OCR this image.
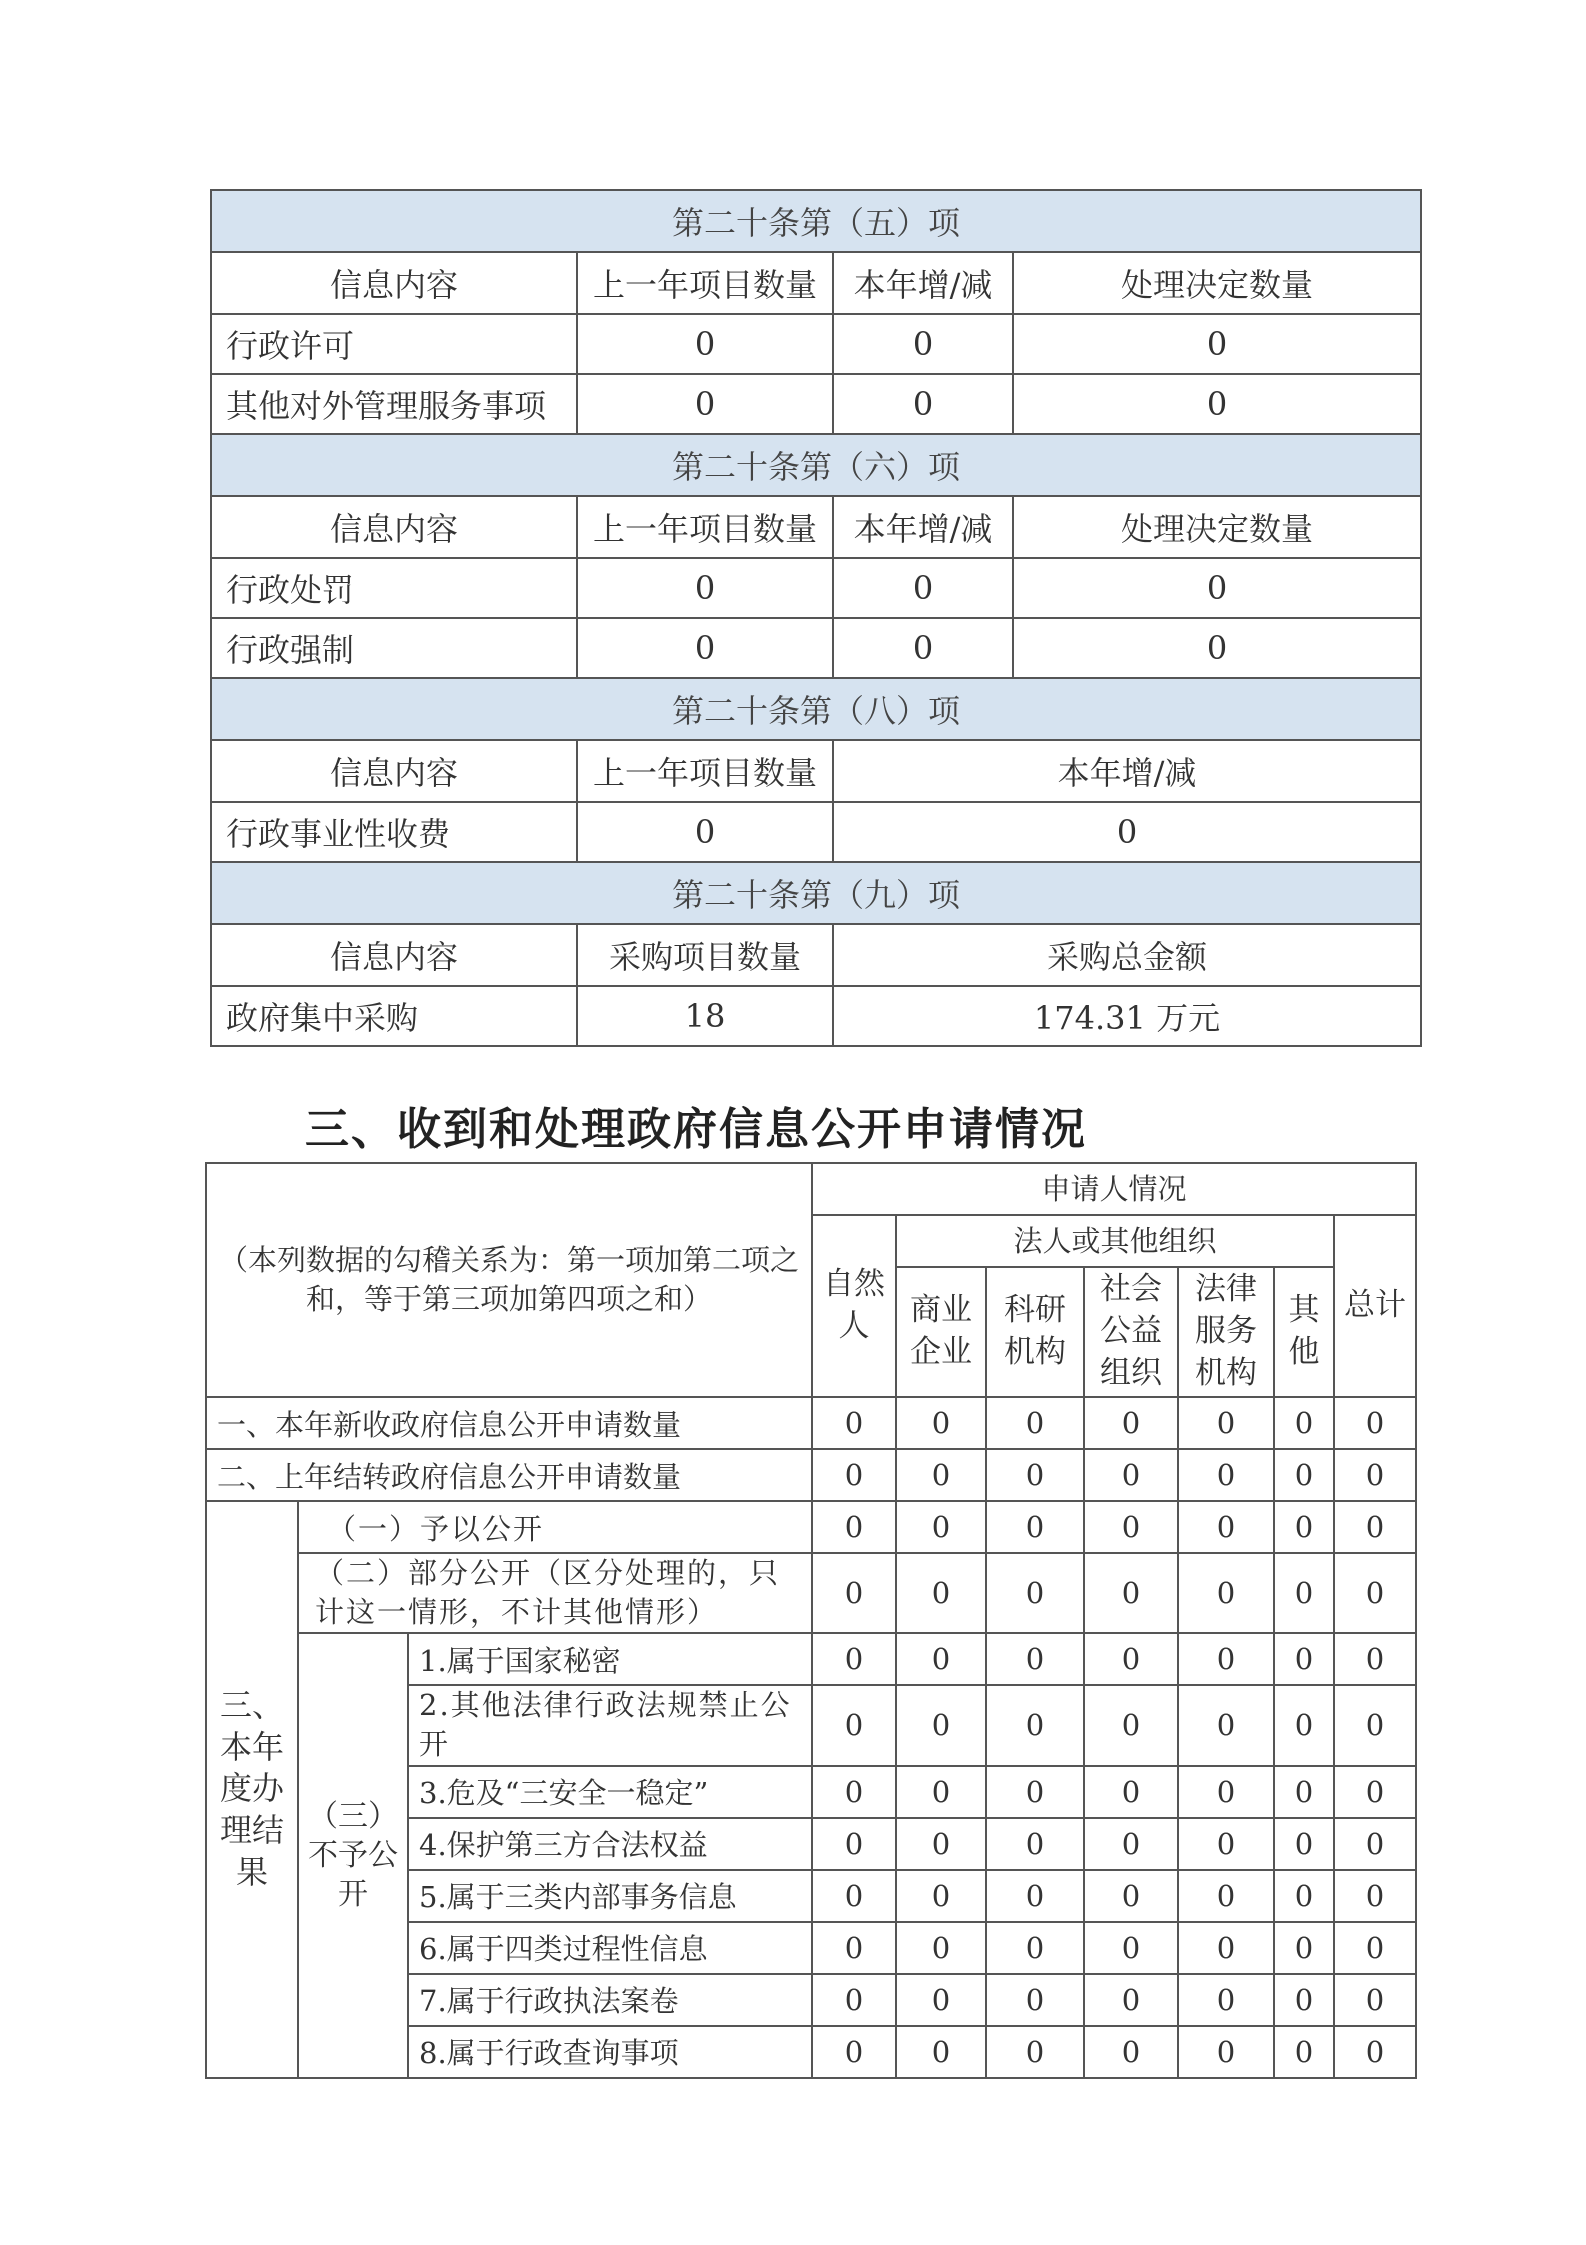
第二十条第（五）项			
信息内容	上一年项目数量	本年增/减	处理决定数量
行政许可	0	0	0
其他对外管理服务事项	0	0	0
第二十条第（六）项			
信息内容	上一年项目数量	本年增/减	处理决定数量
行政处罚	0	0	0
行政强制	0	0	0
第二十条第（八）项			
信息内容	上一年项目数量	本年增/减	
行政事业性收费	0	0	
第二十条第（九）项			
信息内容	采购项目数量	采购总金额	
政府集中采购	18	174.31 万元	
三、收到和处理政府信息公开申请情况
（本列数据的勾稽关系为：第一项加第二项之和，等于第三项加第四项之和）			申请人情况						
			自然人	法人或其他组织					总计
				商业企业	科研机构	社会公益组织	法律服务机构	其他	
一、本年新收政府信息公开申请数量			0	0	0	0	0	0	0
二、上年结转政府信息公开申请数量			0	0	0	0	0	0	0
三、本年度办理结果	（一）予以公开		0	0	0	0	0	0	0
	（二）部分公开（区分处理的，只计这一情形，不计其他情形）		0	0	0	0	0	0	0
	（三）不予公开	1.属于国家秘密	0	0	0	0	0	0	0
		2.其他法律行政法规禁止公开	0	0	0	0	0	0	0
		3.危及“三安全一稳定”	0	0	0	0	0	0	0
		4.保护第三方合法权益	0	0	0	0	0	0	0
		5.属于三类内部事务信息	0	0	0	0	0	0	0
		6.属于四类过程性信息	0	0	0	0	0	0	0
		7.属于行政执法案卷	0	0	0	0	0	0	0
		8.属于行政查询事项	0	0	0	0	0	0	0
